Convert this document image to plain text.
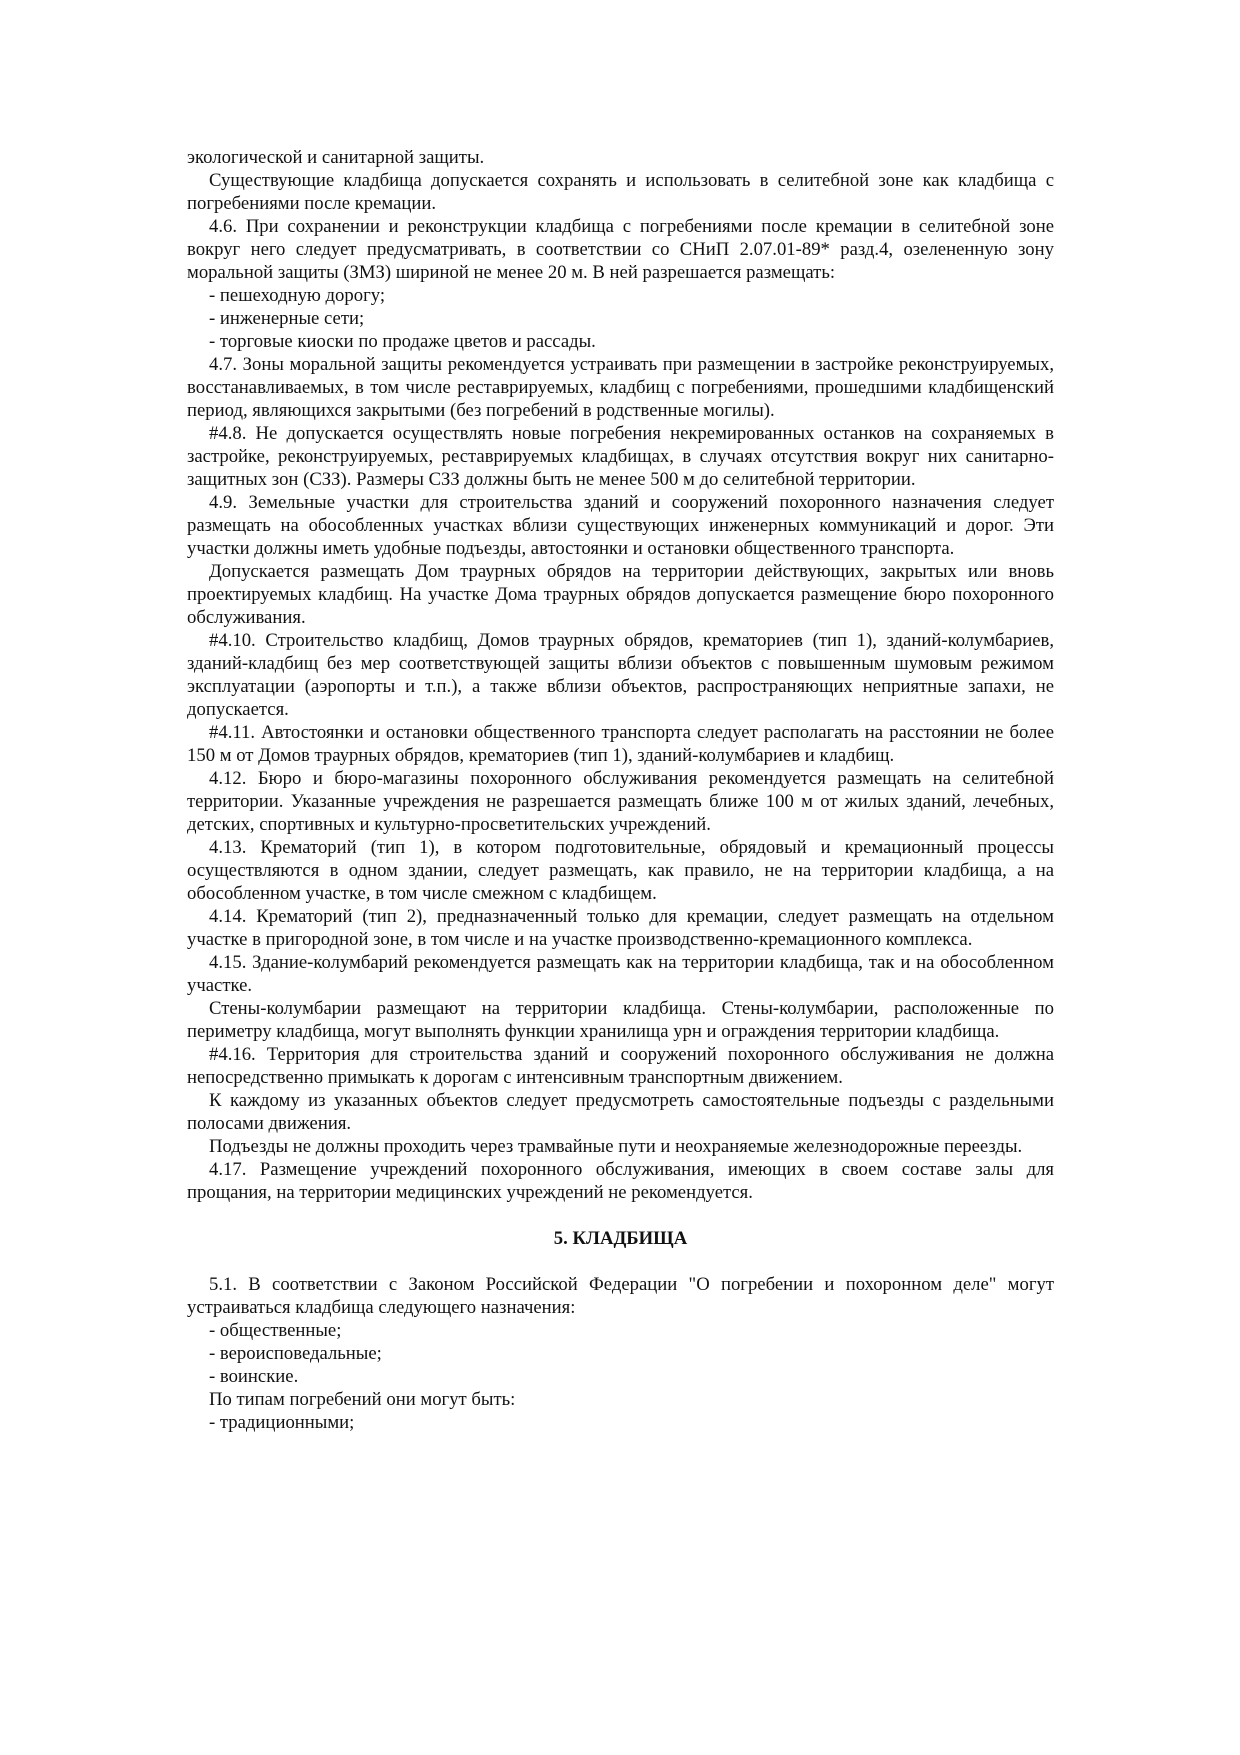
экологической и санитарной защиты.

Существующие кладбища допускается сохранять и использовать в селитебной зоне как кладбища с погребениями после кремации.

4.6. При сохранении и реконструкции кладбища с погребениями после кремации в селитебной зоне вокруг него следует предусматривать, в соответствии со СНиП 2.07.01-89* разд.4, озелененную зону моральной защиты (ЗМЗ) шириной не менее 20 м. В ней разрешается размещать:

- пешеходную дорогу;

- инженерные сети;

- торговые киоски по продаже цветов и рассады.

4.7. Зоны моральной защиты рекомендуется устраивать при размещении в застройке реконструируемых, восстанавливаемых, в том числе реставрируемых, кладбищ с погребениями, прошедшими кладбищенский период, являющихся закрытыми (без погребений в родственные могилы).

#4.8. Не допускается осуществлять новые погребения некремированных останков на сохраняемых в застройке, реконструируемых, реставрируемых кладбищах, в случаях отсутствия вокруг них санитарно-защитных зон (СЗЗ). Размеры СЗЗ должны быть не менее 500 м до селитебной территории.

4.9. Земельные участки для строительства зданий и сооружений похоронного назначения следует размещать на обособленных участках вблизи существующих инженерных коммуникаций и дорог. Эти участки должны иметь удобные подъезды, автостоянки и остановки общественного транспорта.

Допускается размещать Дом траурных обрядов на территории действующих, закрытых или вновь проектируемых кладбищ. На участке Дома траурных обрядов допускается размещение бюро похоронного обслуживания.

#4.10. Строительство кладбищ, Домов траурных обрядов, крематориев (тип 1), зданий-колумбариев, зданий-кладбищ без мер соответствующей защиты вблизи объектов с повышенным шумовым режимом эксплуатации (аэропорты и т.п.), а также вблизи объектов, распространяющих неприятные запахи, не допускается.

#4.11. Автостоянки и остановки общественного транспорта следует располагать на расстоянии не более 150 м от Домов траурных обрядов, крематориев (тип 1), зданий-колумбариев и кладбищ.

4.12. Бюро и бюро-магазины похоронного обслуживания рекомендуется размещать на селитебной территории. Указанные учреждения не разрешается размещать ближе 100 м от жилых зданий, лечебных, детских, спортивных и культурно-просветительских учреждений.

4.13. Крематорий (тип 1), в котором подготовительные, обрядовый и кремационный процессы осуществляются в одном здании, следует размещать, как правило, не на территории кладбища, а на обособленном участке, в том числе смежном с кладбищем.

4.14. Крематорий (тип 2), предназначенный только для кремации, следует размещать на отдельном участке в пригородной зоне, в том числе и на участке производственно-кремационного комплекса.

4.15. Здание-колумбарий рекомендуется размещать как на территории кладбища, так и на обособленном участке.

Стены-колумбарии размещают на территории кладбища. Стены-колумбарии, расположенные по периметру кладбища, могут выполнять функции хранилища урн и ограждения территории кладбища.

#4.16. Территория для строительства зданий и сооружений похоронного обслуживания не должна непосредственно примыкать к дорогам с интенсивным транспортным движением.

К каждому из указанных объектов следует предусмотреть самостоятельные подъезды с раздельными полосами движения.

Подъезды не должны проходить через трамвайные пути и неохраняемые железнодорожные переезды.

4.17. Размещение учреждений похоронного обслуживания, имеющих в своем составе залы для прощания, на территории медицинских учреждений не рекомендуется.

5. КЛАДБИЩА

5.1. В соответствии с Законом Российской Федерации "О погребении и похоронном деле" могут устраиваться кладбища следующего назначения:

- общественные;

- вероисповедальные;

- воинские.

По типам погребений они могут быть:

- традиционными;
